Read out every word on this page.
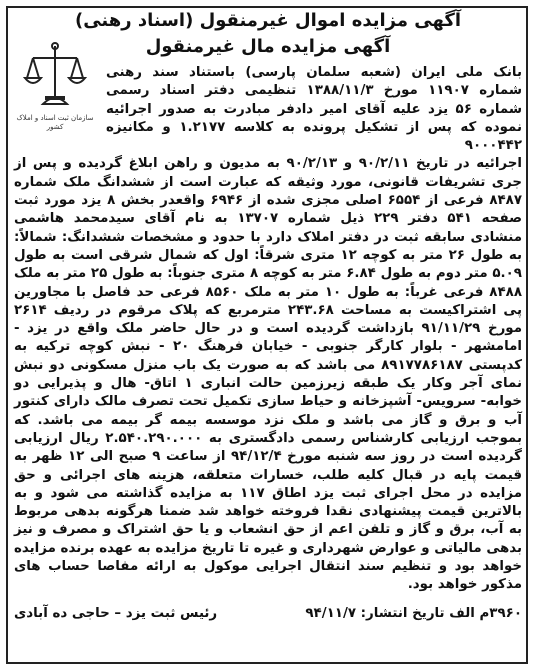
آگهی مزایده اموال غیرمنقول (اسناد رهنی)
آگهی مزایده مال غیرمنقول
سازمان ثبت اسناد و املاک کشور

بانک ملی ایران (شعبه سلمان پارسی) باستناد سند رهنی شماره ۱۱۹۰۷ مورخ ۱۳۸۸/۱۱/۳ تنظیمی دفتر اسناد رسمی شماره ۵۶ یزد علیه آقای امیر دادفر مبادرت به صدور اجرائیه نموده که پس از تشکیل پرونده به کلاسه ۱.۲۱۷۷ و مکانیزه ۹۰۰۰۴۴۲

اجرائیه در تاریخ ۹۰/۲/۱۱ و ۹۰/۲/۱۳ به مدیون و راهن ابلاغ گردیده و پس از جری تشریفات قانونی، مورد وثیقه که عبارت است از ششدانگ ملک شماره ۸۴۸۷ فرعی از ۶۵۵۴ اصلی مجزی شده از ۶۹۴۶ واقعدر بخش ۸ یزد مورد ثبت صفحه ۵۴۱ دفتر ۲۲۹ ذیل شماره ۱۳۷۰۷ به نام آقای سیدمحمد هاشمی منشادی سابقه ثبت در دفتر املاک دارد با حدود و مشخصات ششدانگ: شمالاً: به طول ۲۶ متر به کوچه ۱۲ متری شرقاً: اول که شمال شرقی است به طول ۵.۰۹ متر دوم به طول ۶.۸۴ متر به کوچه ۸ متری جنوباً: به طول ۲۵ متر به ملک ۸۴۸۸ فرعی غرباً: به طول ۱۰ متر به ملک ۸۵۶۰ فرعی حد فاصل با مجاورین پی اشتراکیست به مساحت ۲۴۳.۶۸ مترمربع که پلاک مرقوم در ردیف ۲۶۱۴ مورخ ۹۱/۱۱/۲۹ بازداشت گردیده است و در حال حاضر ملک واقع در یزد - امامشهر - بلوار کارگر جنوبی - خیابان فرهنگ ۲۰ - نبش کوچه ترکیه به کدپستی ۸۹۱۷۷۸۶۱۸۷ می باشد که به صورت یک باب منزل مسکونی دو نبش نمای آجر وکار یک طبقه زیرزمین حالت انباری ۱ اتاق- هال و پذیرایی دو خوابه- سرویس- آشپزخانه و حیاط سازی تکمیل تحت تصرف مالک دارای کنتور آب و برق و گاز می باشد و ملک نزد موسسه بیمه گر بیمه می باشد. که بموجب ارزیابی کارشناس رسمی دادگستری به ۲.۵۴۰.۲۹۰.۰۰۰ ریال ارزیابی گردیده است در روز سه شنبه مورخ ۹۴/۱۲/۴ از ساعت ۹ صبح الی ۱۲ ظهر به قیمت پایه در قبال کلیه طلب، خسارات متعلقه، هزینه های اجرائی و حق مزایده در محل اجرای ثبت یزد اطاق ۱۱۷ به مزایده گذاشته می شود و به بالاترین قیمت پیشنهادی نقدا فروخته خواهد شد ضمنا هرگونه بدهی مربوط به آب، برق و گاز و تلفن اعم از حق انشعاب و یا حق اشتراک و مصرف و نیز بدهی مالیاتی و عوارض شهرداری و غیره تا تاریخ مزایده به عهده برنده مزایده خواهد بود و تنظیم سند انتقال اجرایی موکول به ارائه مفاصا حساب های مذکور خواهد بود.

۳۹۶۰م الف تاریخ انتشار: ۹۴/۱۱/۷
رئیس ثبت یزد – حاجی ده آبادی
